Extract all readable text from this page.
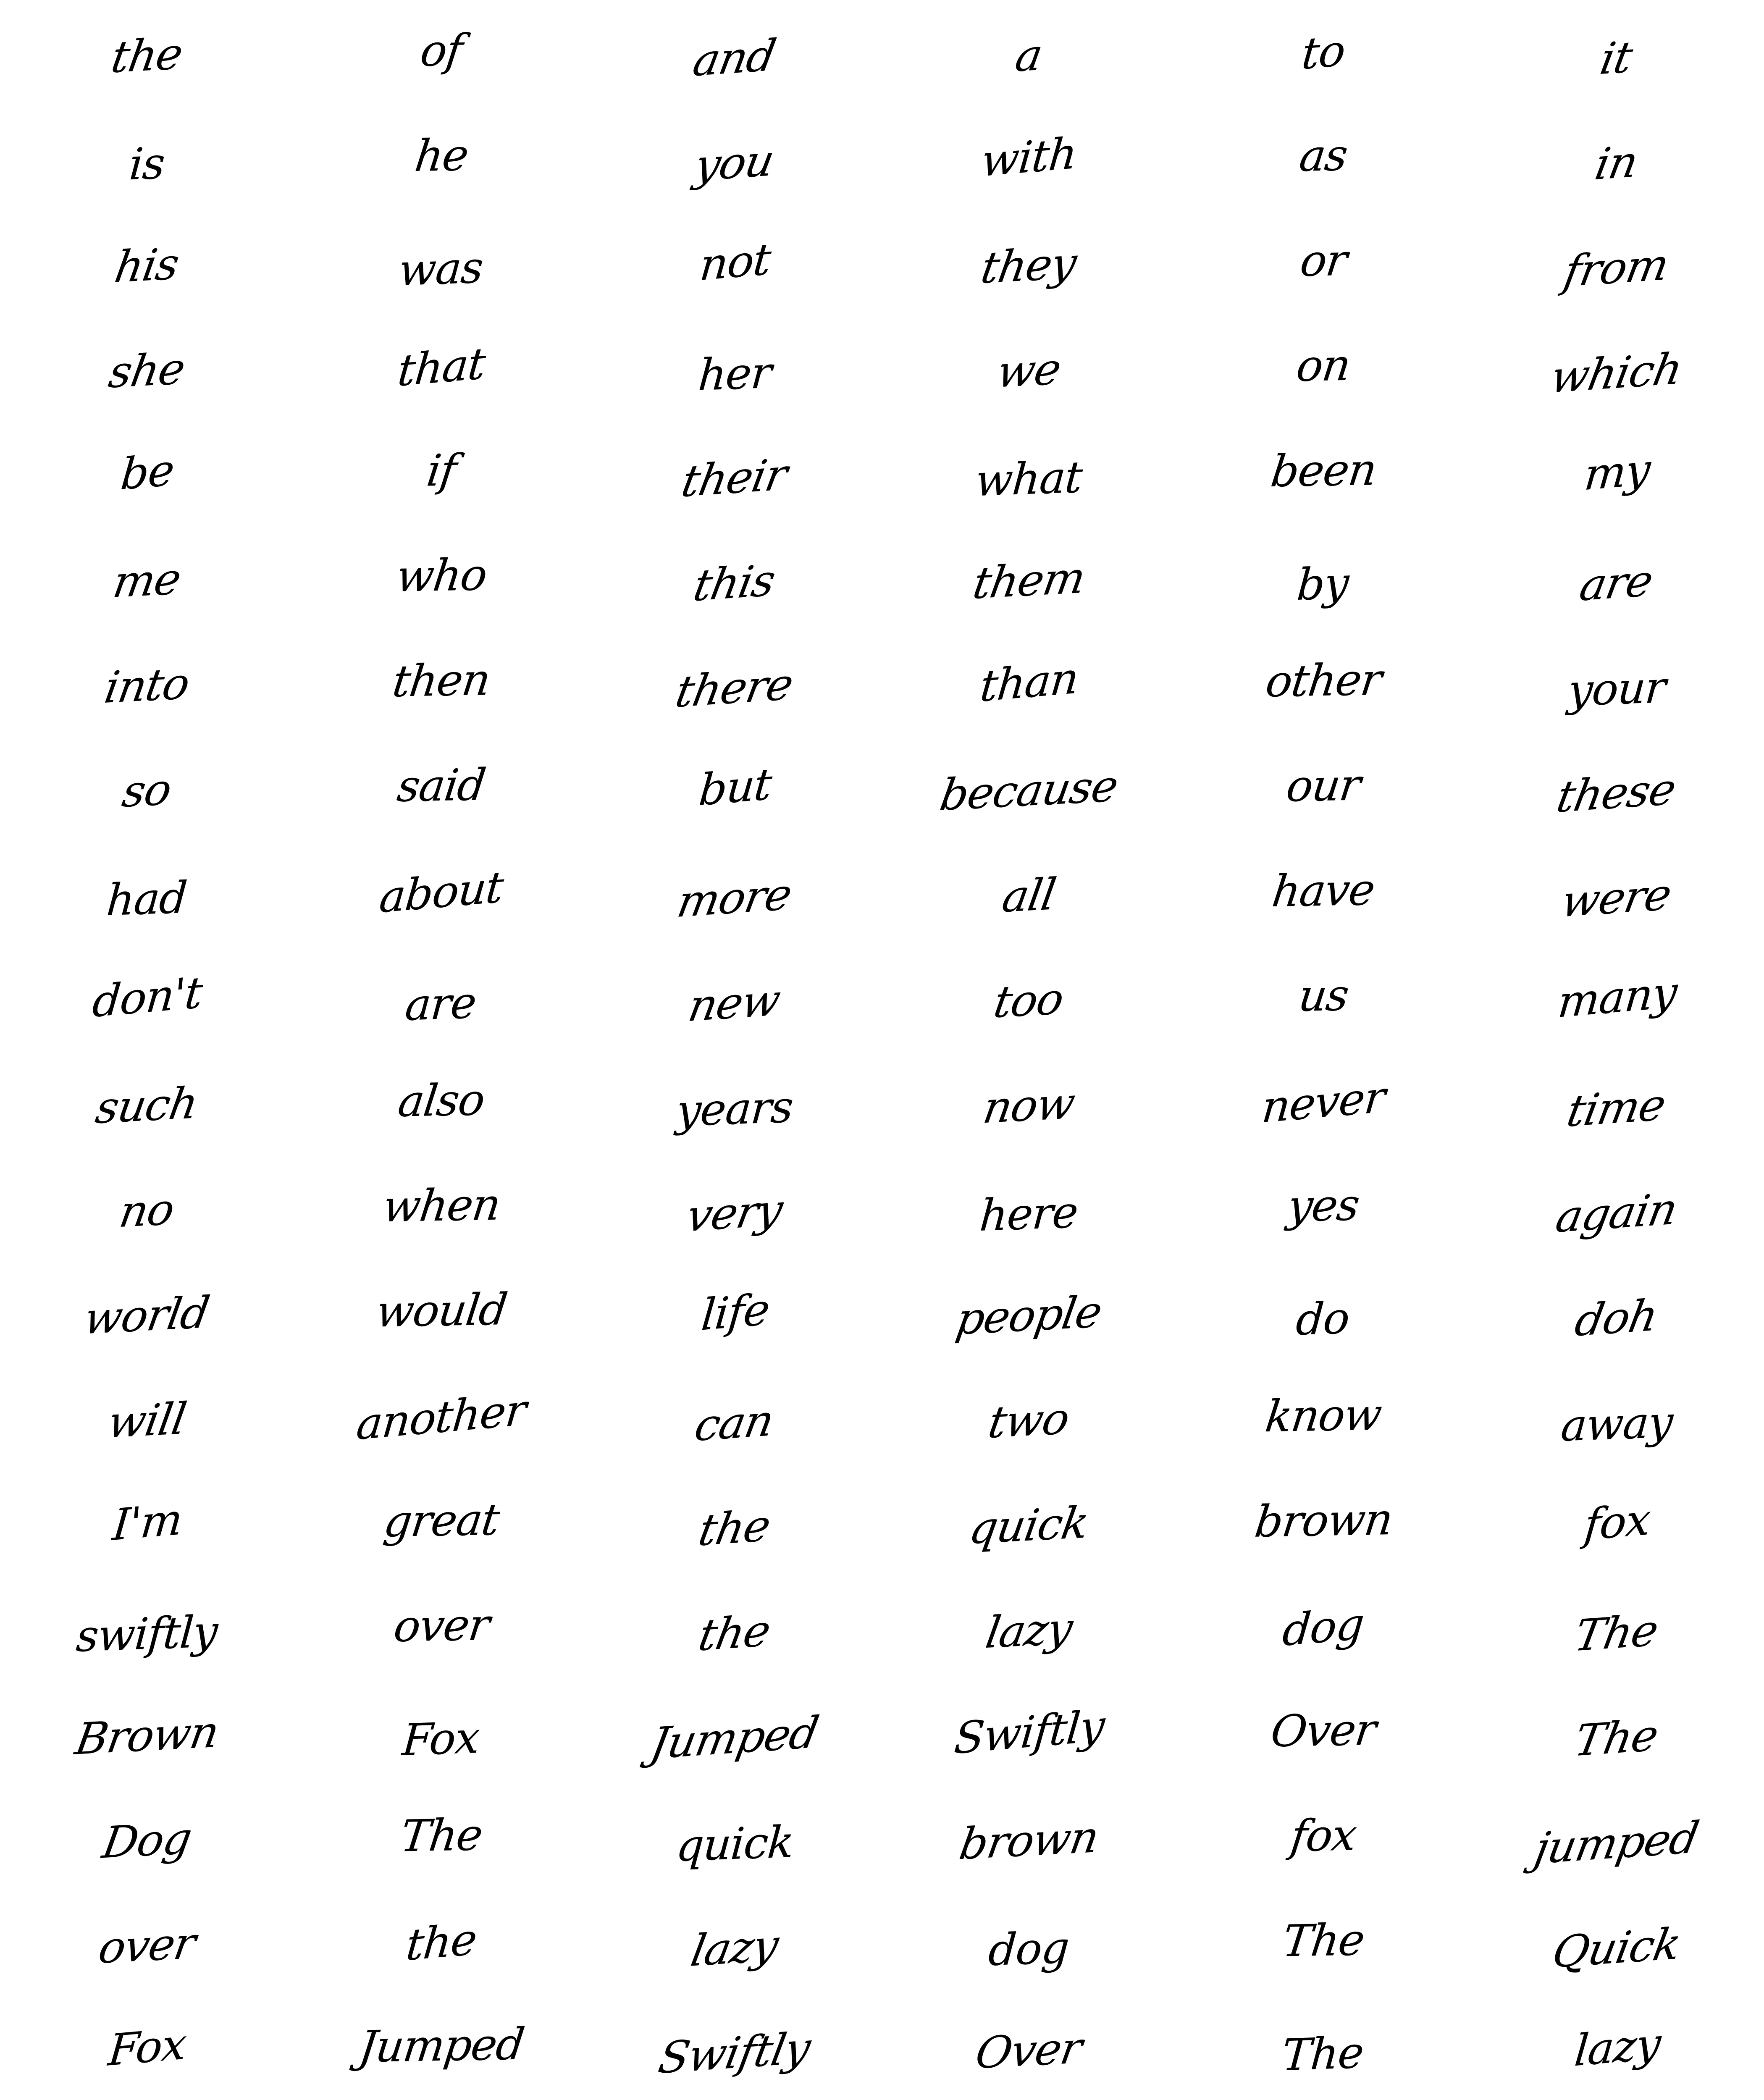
the	of	and	a	to	it
is	he	you	with	as	in
his	was	not	they	or	from
she	that	her	we	on	which
be	if	their	what	been	my
me	who	this	them	by	are
into	then	there	than	other	your
so	said	but	because	our	these
had	about	more	all	have	were
don't	are	new	too	us	many
such	also	years	now	never	time
no	when	very	here	yes	again
world	would	life	people	do	doh
will	another	can	two	know	away
I'm	great	the	quick	brown	fox
swiftly	over	the	lazy	dog	The
Brown	Fox	Jumped	Swiftly	Over	The
Dog	The	quick	brown	fox	jumped
over	the	lazy	dog	The	Quick
Fox	Jumped	Swiftly	Over	The	lazy
